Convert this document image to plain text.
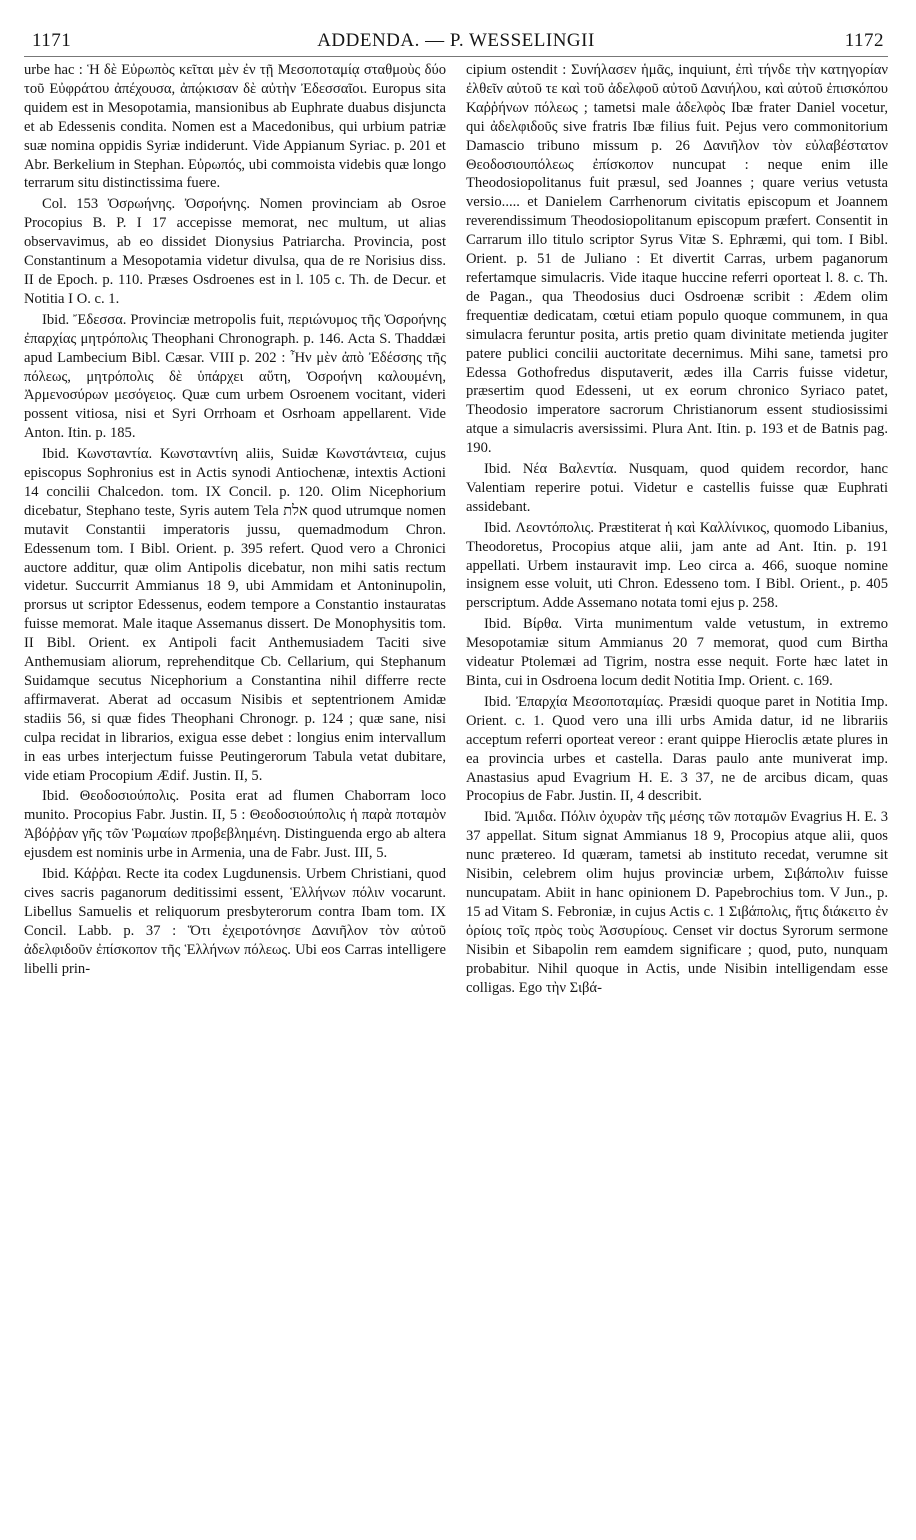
1171	ADDENDA. — P. WESSELINGII	1172

urbe hac : Ἡ δὲ Εὐρωπὸς κεῖται μὲν ἐν τῇ Μεσοποταμίᾳ σταθμοὺς δύο τοῦ Εὐφράτου ἀπέχουσα, ἀπῴκισαν δὲ αὐτὴν Ἐδεσσαῖοι. Europus sita quidem est in Mesopotamia, mansionibus ab Euphrate duabus disjuncta et ab Edessenis condita. Nomen est a Macedonibus, qui urbium patriæ suæ nomina oppidis Syriæ indiderunt. Vide Appianum Syriac. p. 201 et Abr. Berkelium in Stephan. Εὐρωπός, ubi commoista videbis quæ longo terrarum situ distinctissima fuere.

Col. 153 Ὀσρωήνης. Ὀσροήνης. Nomen provinciam ab Osroe Procopius B. P. I 17 accepisse memorat, nec multum, ut alias observavimus, ab eo dissidet Dionysius Patriarcha. Provincia, post Constantinum a Mesopotamia videtur divulsa, qua de re Norisius diss. II de Epoch. p. 110. Præses Osdroenes est in l. 105 c. Th. de Decur. et Notitia I O. c. 1.

Ibid. Ἔδεσσα. Provinciæ metropolis fuit, περιώνυμος τῆς Ὀσροήνης ἐπαρχίας μητρόπολις Theophani Chronograph. p. 146. Acta S. Thaddæi apud Lambecium Bibl. Cæsar. VIII p. 202 : Ἦν μὲν ἀπὸ Ἐδέσσης τῆς πόλεως, μητρόπολις δὲ ὑπάρχει αὕτη, Ὀσροήνη καλουμένη, Ἀρμενοσύρων μεσόγειος. Quæ cum urbem Osroenem vocitant, videri possent vitiosa, nisi et Syri Orrhoam et Osrhoam appellarent. Vide Anton. Itin. p. 185.

Ibid. Κωνσταντία. Κωνσταντίνη aliis, Suidæ Κωνστάντεια, cujus episcopus Sophronius est in Actis synodi Antiochenæ, intextis Actioni 14 concilii Chalcedon. tom. IX Concil. p. 120. Olim Nicephorium dicebatur, Stephano teste, Syris autem Tela אלת quod utrumque nomen mutavit Constantii imperatoris jussu, quemadmodum Chron. Edessenum tom. I Bibl. Orient. p. 395 refert. Quod vero a Chronici auctore additur, quæ olim Antipolis dicebatur, non mihi satis rectum videtur. Succurrit Ammianus 18 9, ubi Ammidam et Antoninupolin, prorsus ut scriptor Edessenus, eodem tempore a Constantio instauratas fuisse memorat. Male itaque Assemanus dissert. De Monophysitis tom. II Bibl. Orient. ex Antipoli facit Anthemusiadem Taciti sive Anthemusiam aliorum, reprehenditque Cb. Cellarium, qui Stephanum Suidamque secutus Nicephorium a Constantina nihil differre recte affirmaverat. Aberat ad occasum Nisibis et septentrionem Amidæ stadiis 56, si quæ fides Theophani Chronogr. p. 124 ; quæ sane, nisi culpa recidat in librarios, exigua esse debet : longius enim intervallum in eas urbes interjectum fuisse Peutingerorum Tabula vetat dubitare, vide etiam Procopium Ædif. Justin. II, 5.

Ibid. Θεοδοσιούπολις. Posita erat ad flumen Chaborram loco munito. Procopius Fabr. Justin. II, 5 : Θεοδοσιούπολις ἡ παρὰ ποταμὸν Ἀβόῤῥαν γῆς τῶν Ῥωμαίων προβεβλημένη. Distinguenda ergo ab altera ejusdem est nominis urbe in Armenia, una de Fabr. Just. III, 5.

Ibid. Κάῤῥαι. Recte ita codex Lugdunensis. Urbem Christiani, quod cives sacris paganorum deditissimi essent, Ἑλλήνων πόλιν vocarunt. Libellus Samuelis et reliquorum presbyterorum contra Ibam tom. IX Concil. Labb. p. 37 : Ὅτι ἐχειροτόνησε Δανιῆλον τὸν αὐτοῦ ἀδελφιδοῦν ἐπίσκοπον τῆς Ἑλλήνων πόλεως. Ubi eos Carras intelligere libelli prin-

cipium ostendit : Συνήλασεν ἡμᾶς, inquiunt, ἐπὶ τήνδε τὴν κατηγορίαν ἐλθεῖν αὐτοῦ τε καὶ τοῦ ἀδελφοῦ αὐτοῦ Δανιήλου, καὶ αὐτοῦ ἐπισκόπου Καῤῥήνων πόλεως ; tametsi male ἀδελφὸς Ibæ frater Daniel vocetur, qui ἀδελφιδοῦς sive fratris Ibæ filius fuit. Pejus vero commonitorium Damascio tribuno missum p. 26 Δανιῆλον τὸν εὐλαβέστατον Θεοδοσιουπόλεως ἐπίσκοπον nuncupat : neque enim ille Theodosiopolitanus fuit præsul, sed Joannes ; quare verius vetusta versio..... et Danielem Carrhenorum civitatis episcopum et Joannem reverendissimum Theodosiopolitanum episcopum præfert. Consentit in Carrarum illo titulo scriptor Syrus Vitæ S. Ephræmi, qui tom. I Bibl. Orient. p. 51 de Juliano : Et divertit Carras, urbem paganorum refertamque simulacris. Vide itaque huccine referri oporteat l. 8. c. Th. de Pagan., qua Theodosius duci Osdroenæ scribit : Ædem olim frequentiæ dedicatam, cœtui etiam populo quoque communem, in qua simulacra feruntur posita, artis pretio quam divinitate metienda jugiter patere publici concilii auctoritate decernimus. Mihi sane, tametsi pro Edessa Gothofredus disputaverit, ædes illa Carris fuisse videtur, præsertim quod Edesseni, ut ex eorum chronico Syriaco patet, Theodosio imperatore sacrorum Christianorum essent studiosissimi atque a simulacris aversissimi. Plura Ant. Itin. p. 193 et de Batnis pag. 190.

Ibid. Νέα Βαλεντία. Nusquam, quod quidem recordor, hanc Valentiam reperire potui. Videtur e castellis fuisse quæ Euphrati assidebant.

Ibid. Λεοντόπολις. Præstiterat ἡ καὶ Καλλίνικος, quomodo Libanius, Theodoretus, Procopius atque alii, jam ante ad Ant. Itin. p. 191 appellati. Urbem instauravit imp. Leo circa a. 466, suoque nomine insignem esse voluit, uti Chron. Edesseno tom. I Bibl. Orient., p. 405 perscriptum. Adde Assemano notata tomi ejus p. 258.

Ibid. Βίρθα. Virta munimentum valde vetustum, in extremo Mesopotamiæ situm Ammianus 20 7 memorat, quod cum Birtha videatur Ptolemæi ad Tigrim, nostra esse nequit. Forte hæc latet in Binta, cui in Osdroena locum dedit Notitia Imp. Orient. c. 169.

Ibid. Ἐπαρχία Μεσοποταμίας. Præsidi quoque paret in Notitia Imp. Orient. c. 1. Quod vero una illi urbs Amida datur, id ne librariis acceptum referri oporteat vereor : erant quippe Hieroclis ætate plures in ea provincia urbes et castella. Daras paulo ante muniverat imp. Anastasius apud Evagrium H. E. 3 37, ne de arcibus dicam, quas Procopius de Fabr. Justin. II, 4 describit.

Ibid. Ἄμιδα. Πόλιν ὀχυρὰν τῆς μέσης τῶν ποταμῶν Evagrius H. E. 3 37 appellat. Situm signat Ammianus 18 9, Procopius atque alii, quos nunc prætereo. Id quæram, tametsi ab instituto recedat, verumne sit Nisibin, celebrem olim hujus provinciæ urbem, Σιβάπολιν fuisse nuncupatam. Abiit in hanc opinionem D. Papebrochius tom. V Jun., p. 15 ad Vitam S. Febroniæ, in cujus Actis c. 1 Σιβάπολις, ἥτις διάκειτο ἐν ὁρίοις τοῖς πρὸς τοὺς Ἀσσυρίους. Censet vir doctus Syrorum sermone Nisibin et Sibapolin rem eamdem significare ; quod, puto, nunquam probabitur. Nihil quoque in Actis, unde Nisibin intelligendam esse colligas. Ego τὴν Σιβά-
